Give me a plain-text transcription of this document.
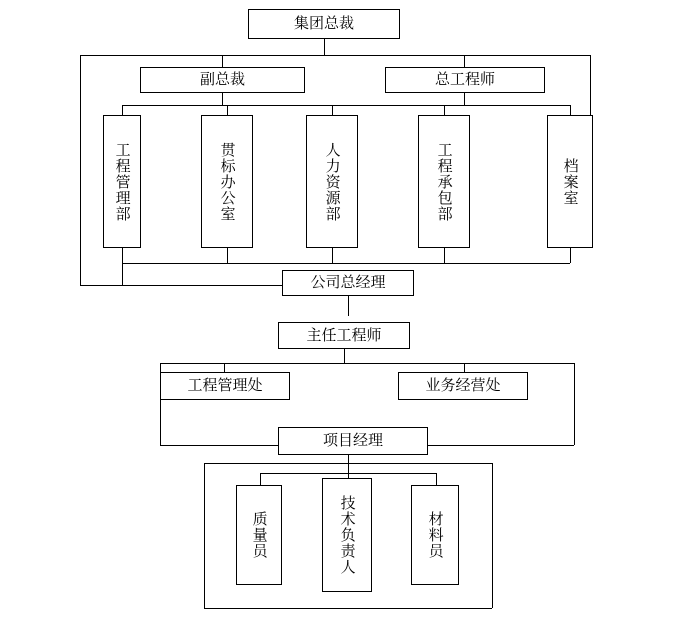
集团总裁
副总裁	总工程师
工程管理部	贯标办公室	人力资源部	工程承包部	档案室
公司总经理
主任工程师
工程管理处	业务经营处
项目经理
质量员	技术负责人	材料员
